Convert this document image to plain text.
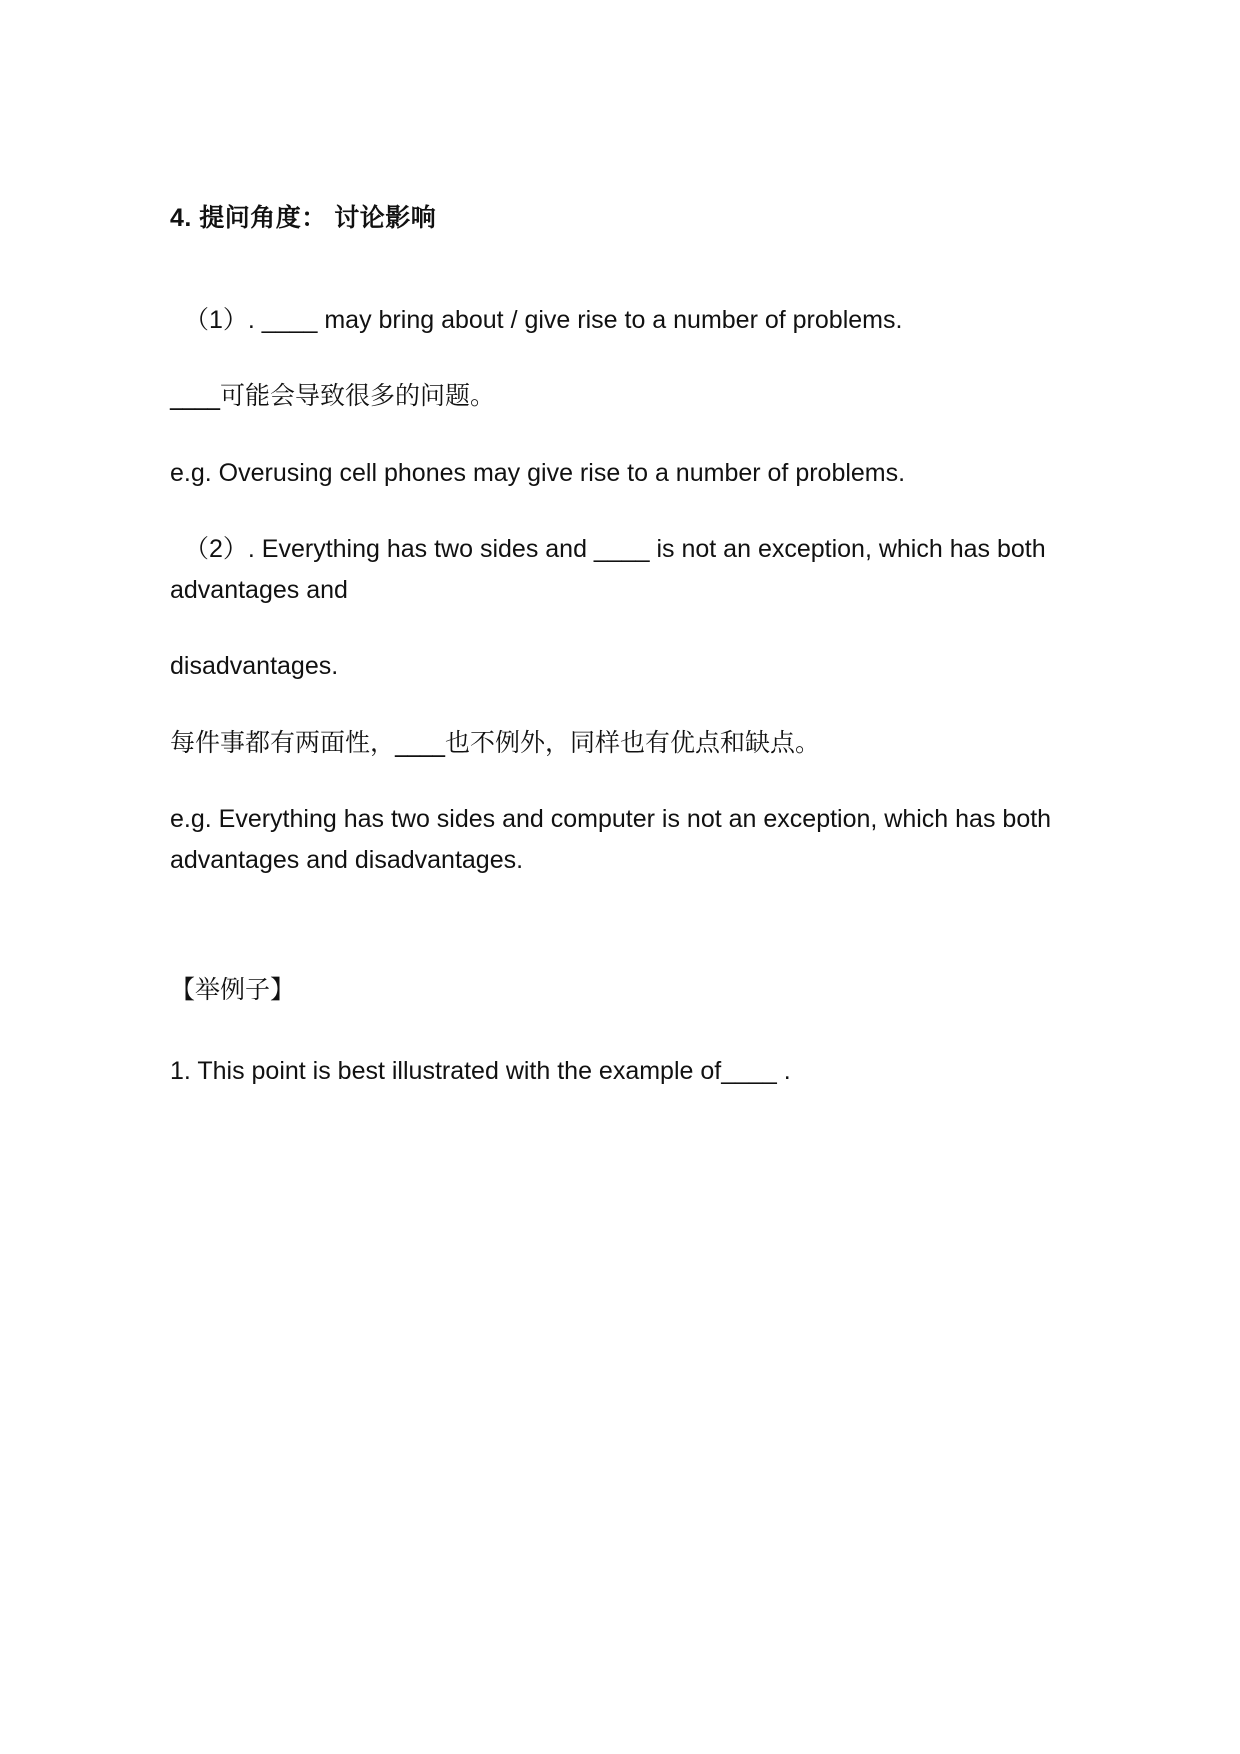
4. 提问角度： 讨论影响

（1）. ____ may bring about / give rise to a number of problems.

____可能会导致很多的问题。

e.g. Overusing cell phones may give rise to a number of problems.

（2）. Everything has two sides and ____ is not an exception, which has both advantages and

disadvantages.

每件事都有两面性，____也不例外，同样也有优点和缺点。

e.g. Everything has two sides and computer is not an exception, which has both advantages and disadvantages.

【举例子】

1. This point is best illustrated with the example of____ .
